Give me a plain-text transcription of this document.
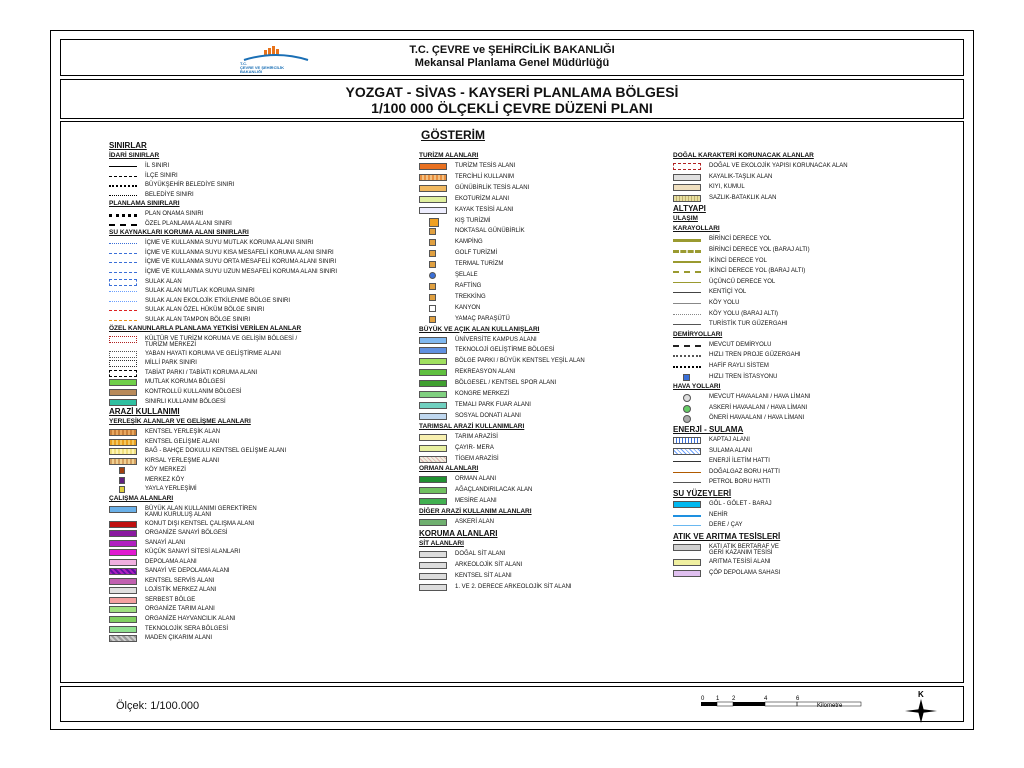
T.C.
ÇEVRE VE ŞEHİRCİLİK
BAKANLIĞI
T.C. ÇEVRE ve ŞEHİRCİLİK BAKANLIĞI
Mekansal Planlama Genel Müdürlüğü
YOZGAT - SİVAS - KAYSERİ PLANLAMA BÖLGESİ
1/100 000 ÖLÇEKLİ ÇEVRE DÜZENİ PLANI
GÖSTERİM
SINIRLAR
İDARİ SINIRLAR
İL SINIRI
İLÇE SINIRI
BÜYÜKŞEHİR BELEDİYE SINIRI
BELEDİYE SINIRI
PLANLAMA SINIRLARI
PLAN ONAMA SINIRI
ÖZEL PLANLAMA ALANI SINIRI
SU KAYNAKLARI KORUMA ALANI SINIRLARI
İÇME VE KULLANMA SUYU MUTLAK KORUMA ALANI SINIRI
İÇME VE KULLANMA SUYU KISA MESAFELİ KORUMA ALANI SINIRI
İÇME VE KULLANMA SUYU ORTA MESAFELİ KORUMA ALANI SINIRI
İÇME VE KULLANMA SUYU UZUN MESAFELİ KORUMA ALANI SINIRI
SULAK ALAN
SULAK ALAN MUTLAK KORUMA SINIRI
SULAK ALAN EKOLOJİK ETKİLENME BÖLGE SINIRI
SULAK ALAN ÖZEL HÜKÜM BÖLGE SINIRI
SULAK ALAN TAMPON BÖLGE SINIRI
ÖZEL KANUNLARLA PLANLAMA YETKİSİ VERİLEN ALANLAR
KÜLTÜR VE TURİZM KORUMA VE GELİŞİM BÖLGESİ /
TURİZM MERKEZİ
YABAN HAYATI KORUMA VE GELİŞTİRME ALANI
MİLLİ PARK SINIRI
TABİAT PARKI / TABİATI KORUMA ALANI
MUTLAK KORUMA BÖLGESİ
KONTROLLÜ KULLANIM BÖLGESİ
SINIRLI KULLANIM BÖLGESİ
ARAZİ KULLANIMI
YERLEŞİK ALANLAR VE GELİŞME ALANLARI
KENTSEL YERLEŞİK ALAN
KENTSEL GELİŞME ALANI
BAĞ - BAHÇE DOKULU KENTSEL GELİŞME ALANI
KIRSAL YERLEŞME ALANI
KÖY MERKEZİ
MERKEZ KÖY
YAYLA YERLEŞİMİ
ÇALIŞMA ALANLARI
BÜYÜK ALAN KULLANIMI GEREKTİREN
KAMU KURULUŞ ALANI
KONUT DIŞI KENTSEL ÇALIŞMA ALANI
ORGANİZE SANAYİ BÖLGESİ
SANAYİ ALANI
KÜÇÜK SANAYİ SİTESİ ALANLARI
DEPOLAMA ALANI
SANAYİ VE DEPOLAMA ALANI
KENTSEL SERVİS ALANI
LOJİSTİK MERKEZ ALANI
SERBEST BÖLGE
ORGANİZE TARIM ALANI
ORGANİZE HAYVANCILIK ALANI
TEKNOLOJİK SERA BÖLGESİ
MADEN ÇIKARIM ALANI
TURİZM ALANLARI
TURİZM TESİS ALANI
TERCİHLİ KULLANIM
GÜNÜBİRLİK TESİS ALANI
EKOTURİZM ALANI
KAYAK TESİSİ ALANI
KIŞ TURİZMİ
NOKTASAL GÜNÜBİRLİK
KAMPİNG
GOLF TURİZMİ
TERMAL TURİZM
ŞELALE
RAFTİNG
TREKKİNG
KANYON
YAMAÇ PARAŞÜTÜ
BÜYÜK VE AÇIK ALAN KULLANIŞLARI
ÜNİVERSİTE KAMPUS ALANI
TEKNOLOJİ GELİŞTİRME BÖLGESİ
BÖLGE PARKI / BÜYÜK KENTSEL YEŞİL ALAN
REKREASYON ALANI
BÖLGESEL / KENTSEL SPOR ALANI
KONGRE MERKEZİ
TEMALI PARK FUAR ALANI
SOSYAL DONATI ALANI
TARIMSAL ARAZİ KULLANIMLARI
TARIM ARAZİSİ
ÇAYIR- MERA
TİGEM ARAZİSİ
ORMAN ALANLARI
ORMAN ALANI
AĞAÇLANDIRILACAK ALAN
MESİRE ALANI
DİĞER ARAZİ KULLANIM ALANLARI
ASKERİ ALAN
KORUMA ALANLARI
SİT ALANLARI
DOĞAL SİT ALANI
ARKEOLOJİK SİT ALANI
KENTSEL SİT ALANI
1. VE 2. DERECE ARKEOLOJİK SİT ALANI
DOĞAL KARAKTERİ KORUNACAK ALANLAR
DOĞAL VE EKOLOJİK YAPISI KORUNACAK ALAN
KAYALIK-TAŞLIK ALAN
KIYI, KUMUL
SAZLIK-BATAKLIK ALAN
ALTYAPI
ULAŞIM
KARAYOLLARI
BİRİNCİ DERECE YOL
BİRİNCİ DERECE YOL (BARAJ ALTI)
İKİNCİ DERECE YOL
İKİNCİ DERECE YOL (BARAJ ALTI)
ÜÇÜNCÜ DERECE YOL
KENTİÇİ YOL
KÖY YOLU
KÖY YOLU (BARAJ ALTI)
TURİSTİK TUR GÜZERGAHI
DEMİRYOLLARI
MEVCUT DEMİRYOLU
HIZLI TREN PROJE GÜZERGAHI
HAFİF RAYLI SİSTEM
HIZLI TREN İSTASYONU
HAVA YOLLARI
MEVCUT HAVAALANI / HAVA LİMANI
ASKERİ HAVAALANI / HAVA LİMANI
ÖNERİ HAVAALANI / HAVA LİMANI
ENERJİ - SULAMA
KAPTAJ ALANI
SULAMA ALANI
ENERJİ İLETİM HATTI
DOĞALGAZ BORU HATTI
PETROL BORU HATTI
SU YÜZEYLERİ
GÖL - GÖLET - BARAJ
NEHİR
DERE / ÇAY
ATIK VE ARITMA TESİSLERİ
KATI ATIK BERTARAF VE
GERİ KAZANIM TESİSİ
ARITMA TESİSİ ALANI
ÇÖP DEPOLAMA SAHASI
Ölçek: 1/100.000
0 1 2	4	6
Kilometre
K
